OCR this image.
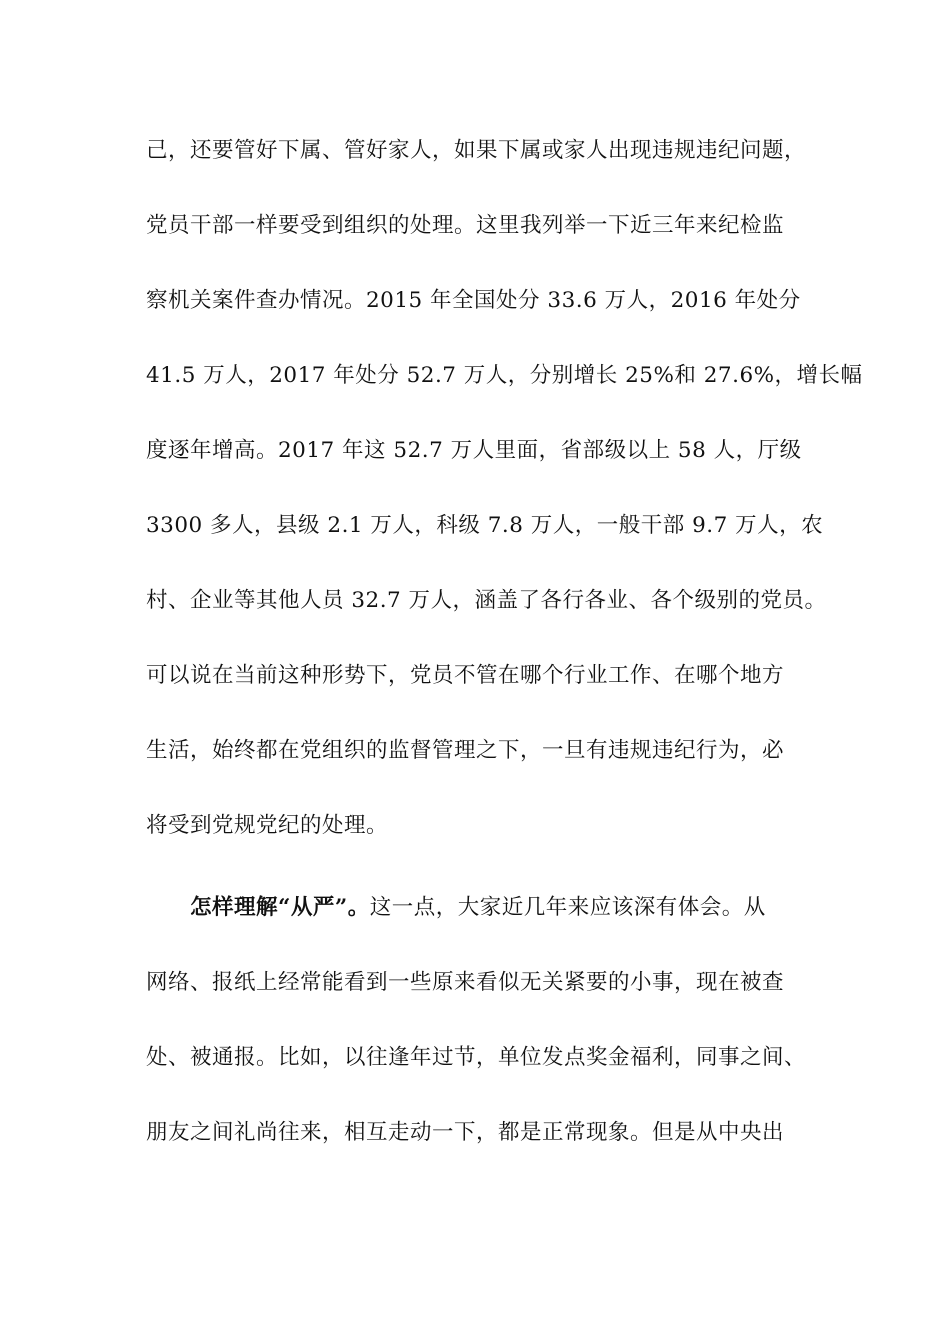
己，还要管好下属、管好家人，如果下属或家人出现违规违纪问题，
党员干部一样要受到组织的处理。这里我列举一下近三年来纪检监
察机关案件查办情况。2015 年全国处分 33.6 万人，2016 年处分
41.5 万人，2017 年处分 52.7 万人，分别增长 25%和 27.6%，增长幅
度逐年增高。2017 年这 52.7 万人里面，省部级以上 58 人，厅级
3300 多人，县级 2.1 万人，科级 7.8 万人，一般干部 9.7 万人，农
村、企业等其他人员 32.7 万人，涵盖了各行各业、各个级别的党员。
可以说在当前这种形势下，党员不管在哪个行业工作、在哪个地方
生活，始终都在党组织的监督管理之下，一旦有违规违纪行为，必
将受到党规党纪的处理。
怎样理解“从严”。这一点，大家近几年来应该深有体会。从
网络、报纸上经常能看到一些原来看似无关紧要的小事，现在被查
处、被通报。比如，以往逢年过节，单位发点奖金福利，同事之间、
朋友之间礼尚往来，相互走动一下，都是正常现象。但是从中央出
